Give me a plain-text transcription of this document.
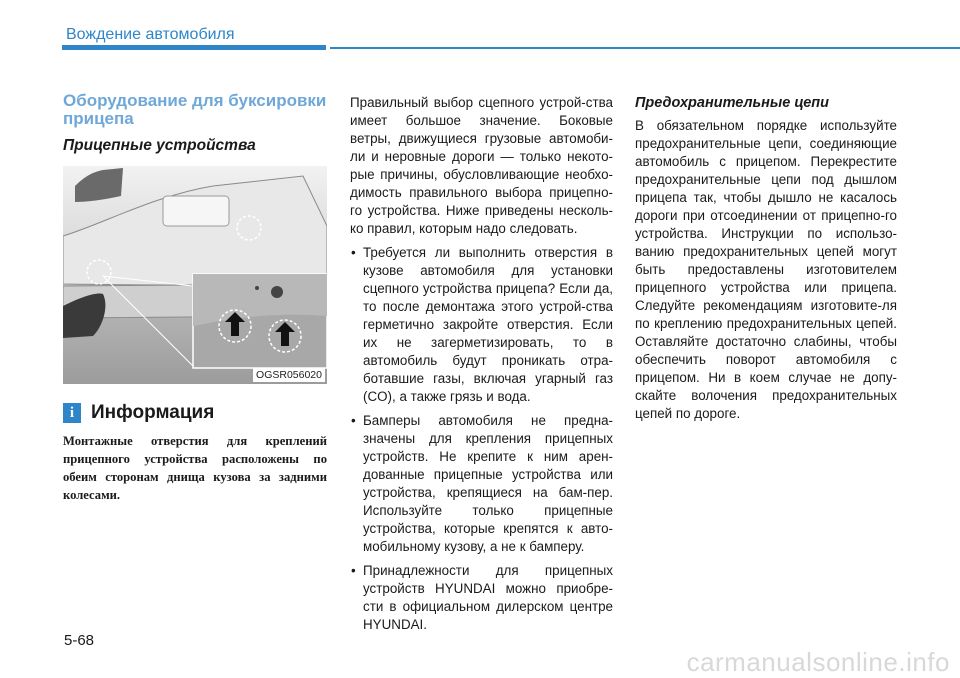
Вождение автомобиля
Оборудование для буксировки прицепа
Прицепные устройства
OGSR056020
i Информация

Монтажные отверстия для креплений прицепного устройства расположены по обеим сторонам днища кузова за задними колесами.

Правильный выбор сцепного устрой-ства имеет большое значение. Боковые ветры, движущиеся грузовые автомоби-ли и неровные дороги — только некото-рые причины, обусловливающие необхо-димость правильного выбора прицепно-го устройства. Ниже приведены несколь-ко правил, которым надо следовать.

• Требуется ли выполнить отверстия в кузове автомобиля для установки сцепного устройства прицепа? Если да, то после демонтажа этого устрой-ства герметично закройте отверстия. Если их не загерметизировать, то в автомобиль будут проникать отра-ботавшие газы, включая угарный газ (CO), а также грязь и вода.
• Бамперы автомобиля не предна-значены для крепления прицепных устройств. Не крепите к ним арен-дованные прицепные устройства или устройства, крепящиеся на бам-пер. Используйте только прицепные устройства, которые крепятся к авто-мобильному кузову, а не к бамперу.
• Принадлежности для прицепных устройств HYUNDAI можно приобре-сти в официальном дилерском центре HYUNDAI.
Предохранительные цепи

В обязательном порядке используйте предохранительные цепи, соединяющие автомобиль с прицепом. Перекрестите предохранительные цепи под дышлом прицепа так, чтобы дышло не касалось дороги при отсоединении от прицепно-го устройства. Инструкции по использо-ванию предохранительных цепей могут быть предоставлены изготовителем прицепного устройства или прицепа. Следуйте рекомендациям изготовите-ля по креплению предохранительных цепей. Оставляйте достаточно слабины, чтобы обеспечить поворот автомобиля с прицепом. Ни в коем случае не допу-скайте волочения предохранительных цепей по дороге.

5-68
carmanualsonline.info
